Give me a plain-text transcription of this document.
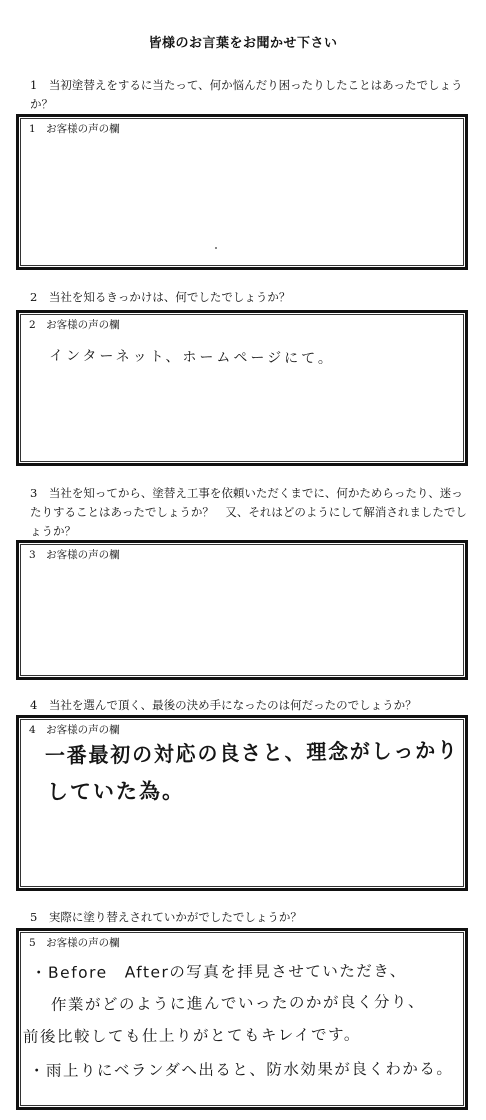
皆様のお言葉をお聞かせ下さい
1　当初塗替えをするに当たって、何か悩んだり困ったりしたことはあったでしょうか？
1　お客様の声の欄
2　当社を知るきっかけは、何でしたでしょうか？
2　お客様の声の欄
インターネット、ホームページにて。
3　当社を知ってから、塗替え工事を依頼いただくまでに、何かためらったり、迷ったりすることはあったでしょうか？　又、それはどのようにして解消されましたでしょうか？
3　お客様の声の欄
4　当社を選んで頂く、最後の決め手になったのは何だったのでしょうか？
4　お客様の声の欄
一番最初の対応の良さと、理念がしっかり
していた為。
5　実際に塗り替えされていかがでしたでしょうか？
5　お客様の声の欄
・Before　Afterの写真を拝見させていただき、
作業がどのように進んでいったのかが良く分り、
前後比較しても仕上りがとてもキレイです。
・雨上りにベランダへ出ると、防水効果が良くわかる。
